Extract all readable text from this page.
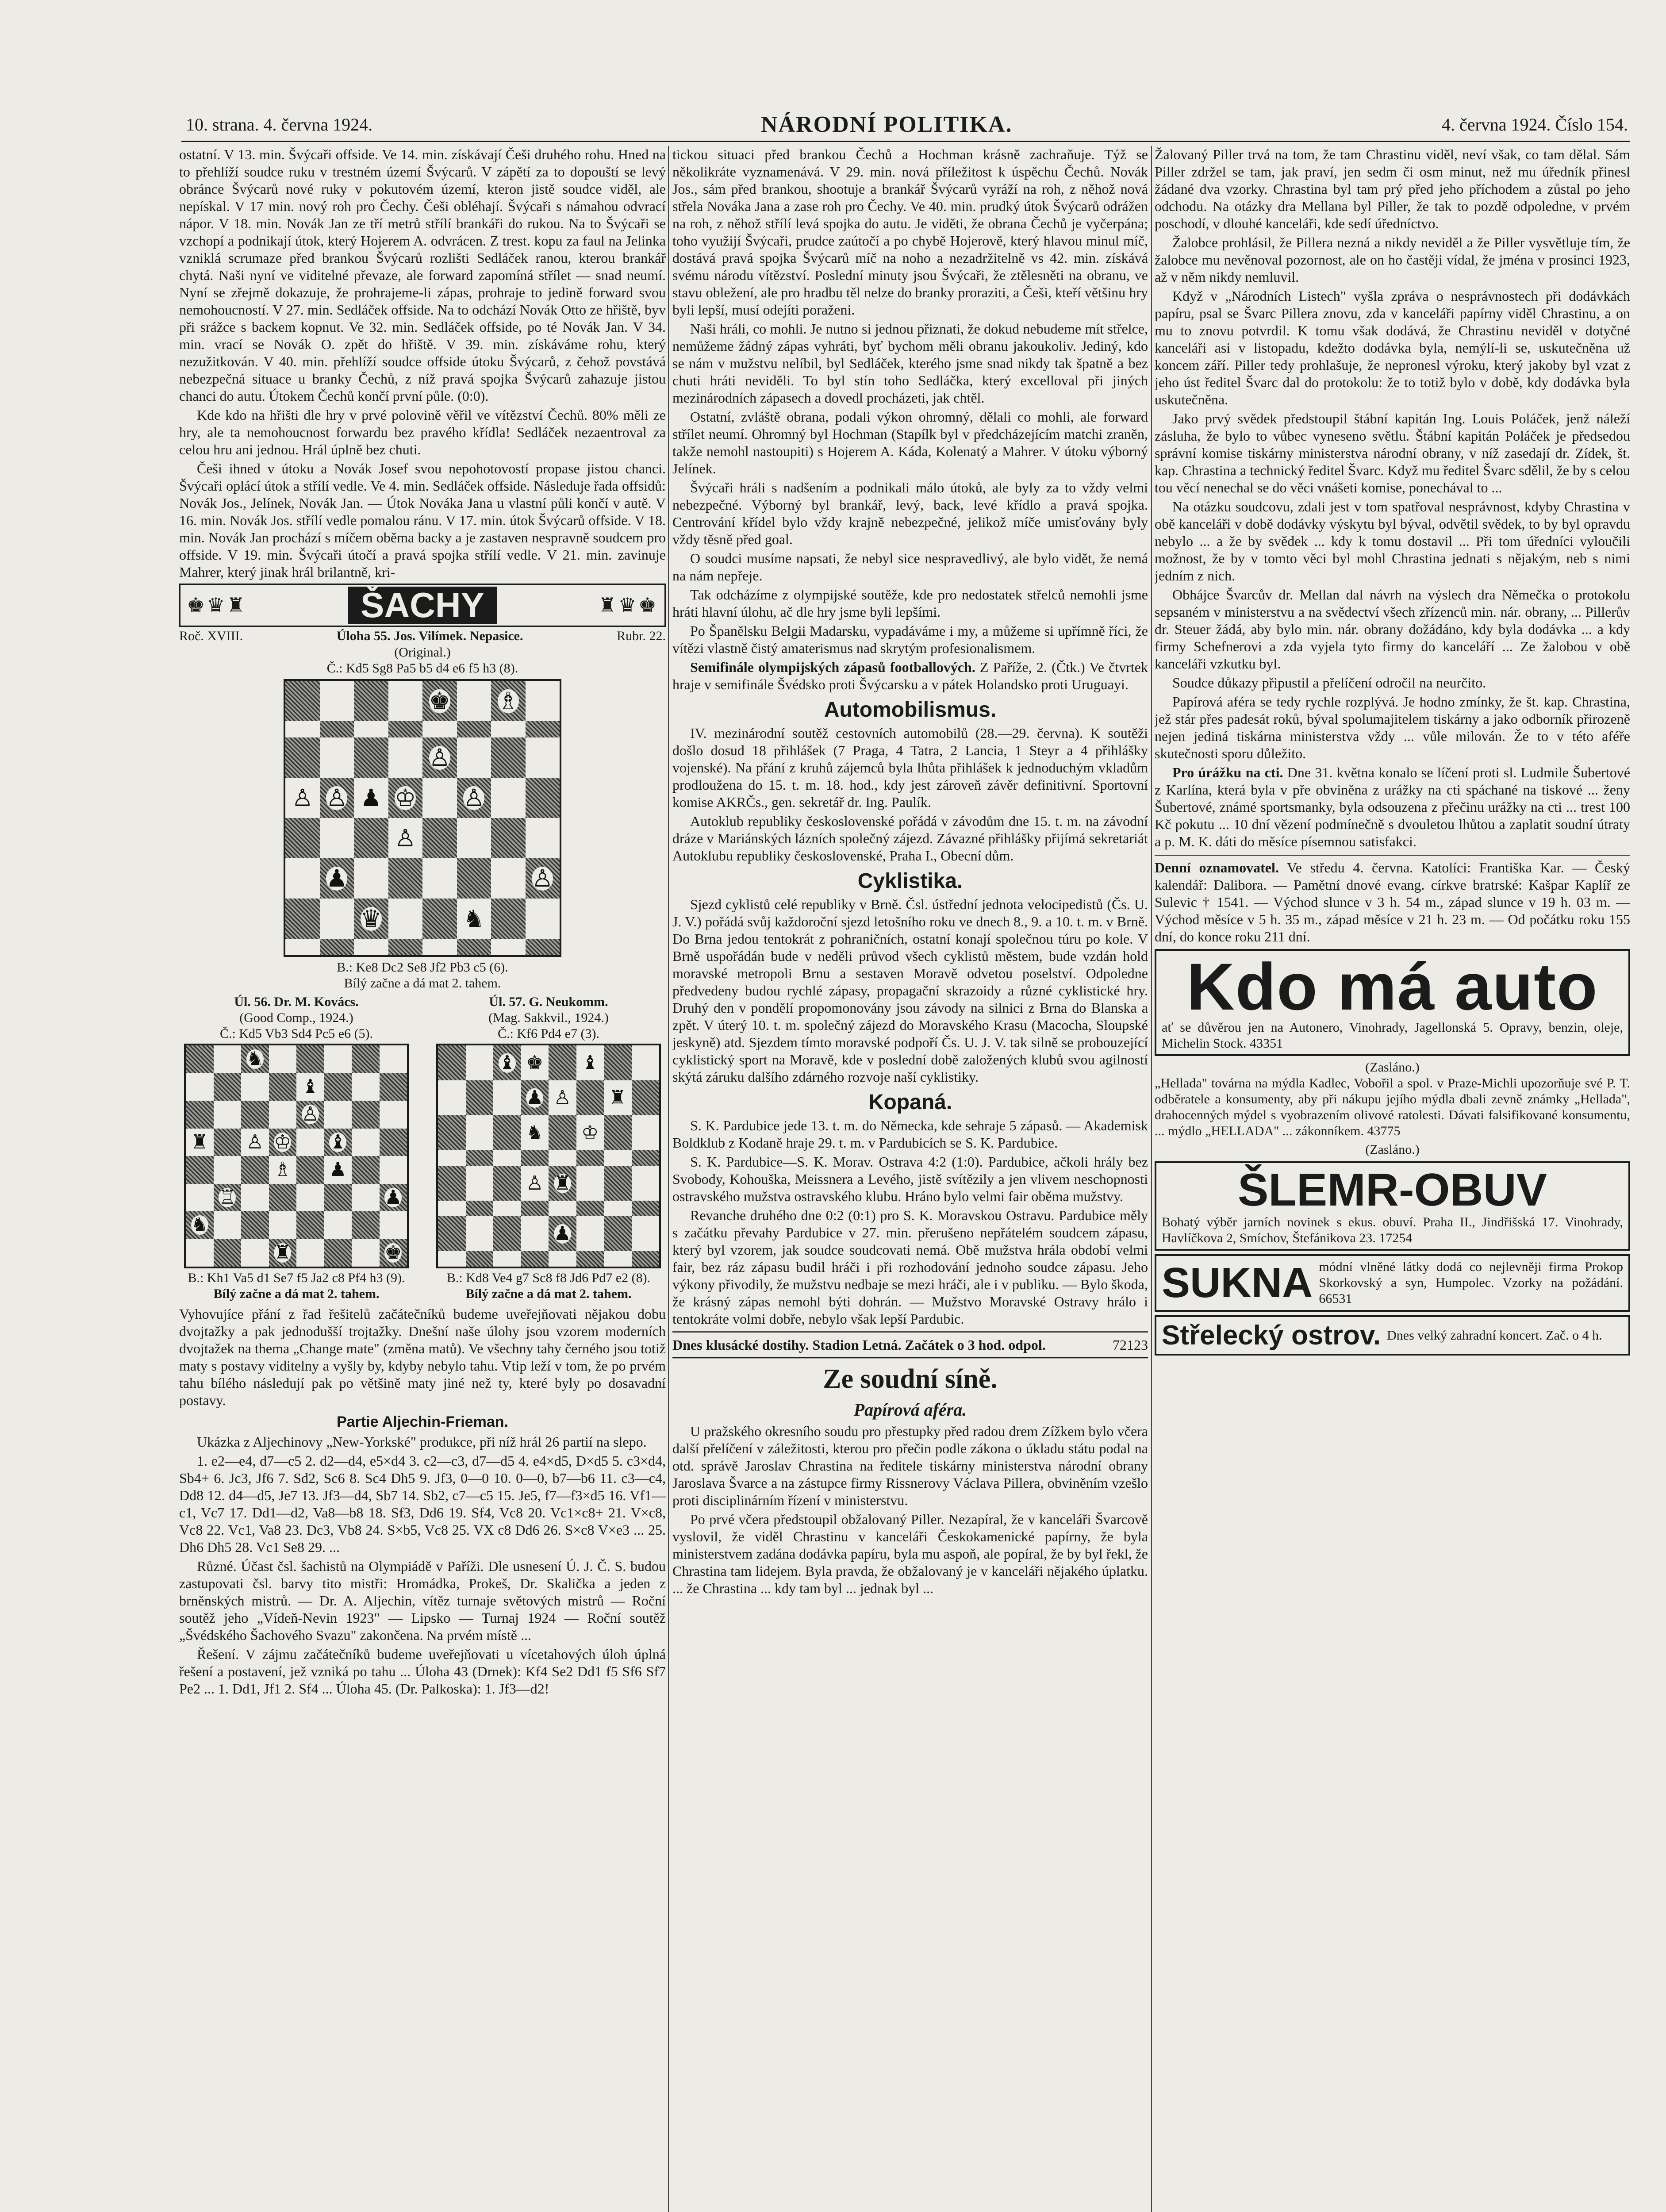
10. strana. 4. června 1924.	NÁRODNÍ POLITIKA.	4. června 1924. Číslo 154.

ostatní. V 13. min. Švýcaři offside. Ve 14. min. získávají Češi druhého rohu. Hned na to přehlíží soudce ruku v trestném území Švýcarů. V zápětí za to dopouští se levý obránce Švýcarů nové ruky v pokutovém území, kteron jistě soudce viděl, ale nepískal. V 17 min. nový roh pro Čechy. Češi obléhají. Švýcaři s námahou odvrací nápor. V 18. min. Novák Jan ze tří metrů střílí brankáři do rukou. Na to Švýcaři se vzchopí a podnikají útok, který Hojerem A. odvrácen. Z trest. kopu za faul na Jelinka vzniklá scrumaze před brankou Švýcarů rozlišti Sedláček ranou, kterou brankář chytá. Naši nyní ve viditelné převaze, ale forward zapomíná střílet — snad neumí. Nyní se zřejmě dokazuje, že prohrajeme-li zápas, prohraje to jedině forward svou nemohoucností. V 27. min. Sedláček offside. Na to odchází Novák Otto ze hřiště, byv při srážce s backem kopnut. Ve 32. min. Sedláček offside, po té Novák Jan. V 34. min. vrací se Novák O. zpět do hřiště. V 39. min. získáváme rohu, který nezužitkován. V 40. min. přehlíží soudce offside útoku Švýcarů, z čehož povstává nebezpečná situace u branky Čechů, z níž pravá spojka Švýcarů zahazuje jistou chanci do autu. Útokem Čechů končí první půle. (0:0).

Kde kdo na hřišti dle hry v prvé polovině věřil ve vítězství Čechů. 80% měli ze hry, ale ta nemohoucnost forwardu bez pravého křídla! Sedláček nezaentroval za celou hru ani jednou. Hrál úplně bez chuti.

Češi ihned v útoku a Novák Josef svou nepohotovostí propase jistou chanci. Švýcaři oplácí útok a střílí vedle. Ve 4. min. Sedláček offside. Následuje řada offsidů: Novák Jos., Jelínek, Novák Jan. — Útok Nováka Jana u vlastní půli končí v autě. V 16. min. Novák Jos. střílí vedle pomalou ránu. V 17. min. útok Švýcarů offside. V 18. min. Novák Jan prochází s míčem oběma backy a je zastaven nespravně soudcem pro offside. V 19. min. Švýcaři útočí a pravá spojka střílí vedle. V 21. min. zavinuje Mahrer, který jinak hrál brilantně, kri-

♚♛♜	ŠACHY	♜♛♚
Roč. XVIII.	Úloha 55. Jos. Vilímek. Nepasice.	Rubr. 22.

(Original.)

Č.: Kd5 Sg8 Pa5 b5 d4 e6 f5 h3 (8).

♚ ♗
♙
♙ ♙ ♟ ♔ ♙
♙
♟	♙
♛	♞

B.: Ke8 Dc2 Se8 Jf2 Pb3 c5 (6).

Bílý začne a dá mat 2. tahem.

Úl. 56. Dr. M. Kovács.

(Good Comp., 1924.)

Č.: Kd5 Vb3 Sd4 Pc5 e6 (5).

♞
♝
♙
♜ ♙ ♔ ♝
♗ ♟
♖	♟
♞
♜	♚

B.: Kh1 Va5 d1 Se7 f5 Ja2 c8 Pf4 h3 (9).

Bílý začne a dá mat 2. tahem.

Úl. 57. G. Neukomm.

(Mag. Sakkvil., 1924.)

Č.: Kf6 Pd4 e7 (3).

♝ ♚ ♝
♟ ♙ ♜
♞ ♔
♙ ♜
♟

B.: Kd8 Ve4 g7 Sc8 f8 Jd6 Pd7 e2 (8).

Bílý začne a dá mat 2. tahem.

Vyhovujíce přání z řad řešitelů začátečníků budeme uveřejňovati nějakou dobu dvojtažky a pak jednodušší trojtažky. Dnešní naše úlohy jsou vzorem moderních dvojtažek na thema „Change mate" (změna matů). Ve všechny tahy černého jsou totiž maty s postavy viditelny a vyšly by, kdyby nebylo tahu. Vtip leží v tom, že po prvém tahu bílého následují pak po většině maty jiné než ty, které byly po dosavadní postavy.

Partie Aljechin-Frieman.

Ukázka z Aljechinovy „New-Yorkské" produkce, při níž hrál 26 partií na slepo.

1. e2—e4, d7—c5 2. d2—d4, e5×d4 3. c2—c3, d7—d5 4. e4×d5, D×d5 5. c3×d4, Sb4+ 6. Jc3, Jf6 7. Sd2, Sc6 8. Sc4 Dh5 9. Jf3, 0—0 10. 0—0, b7—b6 11. c3—c4, Dd8 12. d4—d5, Je7 13. Jf3—d4, Sb7 14. Sb2, c7—c5 15. Je5, f7—f3×d5 16. Vf1—c1, Vc7 17. Dd1—d2, Va8—b8 18. Sf3, Dd6 19. Sf4, Vc8 20. Vc1×c8+ 21. V×c8, Vc8 22. Vc1, Va8 23. Dc3, Vb8 24. S×b5, Vc8 25. VX c8 Dd6 26. S×c8 V×e3 ... 25. Dh6 Dh5 28. Vc1 Se8 29. ...

Různé. Účast čsl. šachistů na Olympiádě v Paříži. Dle usnesení Ú. J. Č. S. budou zastupovati čsl. barvy tito mistři: Hromádka, Prokeš, Dr. Skalička a jeden z brněnských mistrů. — Dr. A. Aljechin, vítěz turnaje světových mistrů — Roční soutěž jeho „Vídeň-Nevin 1923" — Lipsko — Turnaj 1924 — Roční soutěž „Švédského Šachového Svazu" zakončena. Na prvém místě ...

Řešení. V zájmu začátečníků budeme uveřejňovati u vícetahových úloh úplná řešení a postavení, jež vzniká po tahu ... Úloha 43 (Drnek): Kf4 Se2 Dd1 f5 Sf6 Sf7 Pe2 ... 1. Dd1, Jf1 2. Sf4 ... Úloha 45. (Dr. Palkoska): 1. Jf3—d2!

tickou situaci před brankou Čechů a Hochman krásně zachraňuje. Týž se několikráte vyznamenává. V 29. min. nová příležitost k úspěchu Čechů. Novák Jos., sám před brankou, shootuje a brankář Švýcarů vyráží na roh, z něhož nová střela Nováka Jana a zase roh pro Čechy. Ve 40. min. prudký útok Švýcarů odrážen na roh, z něhož střílí levá spojka do autu. Je viděti, že obrana Čechů je vyčerpána; toho využijí Švýcaři, prudce zaútočí a po chybě Hojerově, který hlavou minul míč, dostává pravá spojka Švýcarů míč na noho a nezadržitelně vs 42. min. získává svému národu vítězství. Poslední minuty jsou Švýcaři, že ztělesněti na obranu, ve stavu obležení, ale pro hradbu těl nelze do branky proraziti, a Češi, kteří většinu hry byli lepší, musí odejíti poraženi.

Naši hráli, co mohli. Je nutno si jednou přiznati, že dokud nebudeme mít střelce, nemůžeme žádný zápas vyhráti, byť bychom měli obranu jakoukoliv. Jediný, kdo se nám v mužstvu nelíbil, byl Sedláček, kterého jsme snad nikdy tak špatně a bez chuti hráti neviděli. To byl stín toho Sedláčka, který excelloval při jiných mezinárodních zápasech a dovedl procházeti, jak chtěl.

Ostatní, zvláště obrana, podali výkon ohromný, dělali co mohli, ale forward střílet neumí. Ohromný byl Hochman (Stapílk byl v předcházejícím matchi zraněn, takže nemohl nastoupiti) s Hojerem A. Káda, Kolenatý a Mahrer. V útoku výborný Jelínek.

Švýcaři hráli s nadšením a podnikali málo útoků, ale byly za to vždy velmi nebezpečné. Výborný byl brankář, levý, back, levé křídlo a pravá spojka. Centrování křídel bylo vždy krajně nebezpečné, jelikož míče umisťovány byly vždy těsně před goal.

O soudci musíme napsati, že nebyl sice nespravedlivý, ale bylo vidět, že nemá na nám nepřeje.

Tak odcházíme z olympijské soutěže, kde pro nedostatek střelců nemohli jsme hráti hlavní úlohu, ač dle hry jsme byli lepšími.

Po Španělsku Belgii Madarsku, vypadáváme i my, a můžeme si upřímně říci, že vítězi vlastně čistý amaterismus nad skrytým profesionalismem.

Semifinále olympijských zápasů footballových. Z Paříže, 2. (Čtk.) Ve čtvrtek hraje v semifinále Švédsko proti Švýcarsku a v pátek Holandsko proti Uruguayi.

Automobilismus.

IV. mezinárodní soutěž cestovních automobilů (28.—29. června). K soutěži došlo dosud 18 přihlášek (7 Praga, 4 Tatra, 2 Lancia, 1 Steyr a 4 přihlášky vojenské). Na přání z kruhů zájemců byla lhůta přihlášek k jednoduchým vkladům prodloužena do 15. t. m. 18. hod., kdy jest zároveň závěr definitivní. Sportovní komise AKRČs., gen. sekretář dr. Ing. Paulík.

Autoklub republiky československé pořádá v závodům dne 15. t. m. na závodní dráze v Mariánských lázních společný zájezd. Závazné přihlášky přijímá sekretariát Autoklubu republiky československé, Praha I., Obecní dům.

Cyklistika.

Sjezd cyklistů celé republiky v Brně. Čsl. ústřední jednota velocipedistů (Čs. U. J. V.) pořádá svůj každoroční sjezd letošního roku ve dnech 8., 9. a 10. t. m. v Brně. Do Brna jedou tentokrát z pohraničních, ostatní konají společnou túru po kole. V Brně uspořádán bude v neděli průvod všech cyklistů městem, bude vzdán hold moravské metropoli Brnu a sestaven Moravě odvetou poselství. Odpoledne předvedeny budou rychlé zápasy, propagační skrazoidy a různé cyklistické hry. Druhý den v pondělí propomonovány jsou závody na silnici z Brna do Blanska a zpět. V úterý 10. t. m. společný zájezd do Moravského Krasu (Macocha, Sloupské jeskyně) atd. Sjezdem tímto moravské podpoří Čs. U. J. V. tak silně se probouzející cyklistický sport na Moravě, kde v poslední době založených klubů svou agilností skýtá záruku dalšího zdárného rozvoje naší cyklistiky.

Kopaná.

S. K. Pardubice jede 13. t. m. do Německa, kde sehraje 5 zápasů. — Akademisk Boldklub z Kodaně hraje 29. t. m. v Pardubicích se S. K. Pardubice.

S. K. Pardubice—S. K. Morav. Ostrava 4:2 (1:0). Pardubice, ačkoli hrály bez Svobody, Kohouška, Meissnera a Levého, jistě svítězily a jen vlivem neschopnosti ostravského mužstva ostravského klubu. Hráno bylo velmi fair oběma mužstvy.

Revanche druhého dne 0:2 (0:1) pro S. K. Moravskou Ostravu. Pardubice měly s začátku převahy Pardubice v 27. min. přerušeno nepřátelém soudcem zápasu, který byl vzorem, jak soudce soudcovati nemá. Obě mužstva hrála období velmi fair, bez ráz zápasu budil hráči i při rozhodování jednoho soudce zápasu. Jeho výkony přivodily, že mužstvu nedbaje se mezi hráči, ale i v publiku. — Bylo škoda, že krásný zápas nemohl býti dohrán. — Mužstvo Moravské Ostravy hrálo i tentokráte volmi dobře, nebylo však lepší Pardubic.

Dnes klusácké dostihy. Stadion Letná. Začátek o 3 hod. odpol.	72123

Ze soudní síně.
Papírová aféra.

U pražského okresního soudu pro přestupky před radou drem Zížkem bylo včera další přelíčení v záležitosti, kterou pro přečin podle zákona o úkladu státu podal na otd. správě Jaroslav Chrastina na ředitele tiskárny ministerstva národní obrany Jaroslava Švarce a na zástupce firmy Rissnerovy Václava Pillera, obviněním vzešlo proti disciplinárním řízení v ministerstvu.

Po prvé včera předstoupil obžalovaný Piller. Nezapíral, že v kanceláři Švarcově vyslovil, že viděl Chrastinu v kanceláři Českokamenické papírny, že byla ministerstvem zadána dodávka papíru, byla mu aspoň, ale popíral, že by byl řekl, že Chrastina tam lidejem. Byla pravda, že obžalovaný je v kanceláři nějakého úplatku. ... že Chrastina ... kdy tam byl ... jednak byl ...

Žalovaný Piller trvá na tom, že tam Chrastinu viděl, neví však, co tam dělal. Sám Piller zdržel se tam, jak praví, jen sedm či osm minut, než mu úředník přinesl žádané dva vzorky. Chrastina byl tam prý před jeho příchodem a zůstal po jeho odchodu. Na otázky dra Mellana byl Piller, že tak to pozdě odpoledne, v prvém poschodí, v dlouhé kanceláři, kde sedí úředníctvo.

Žalobce prohlásil, že Pillera nezná a nikdy neviděl a že Piller vysvětluje tím, že žalobce mu nevěnoval pozornost, ale on ho častěji vídal, že jména v prosinci 1923, až v něm nikdy nemluvil.

Když v „Národních Listech" vyšla zpráva o nesprávnostech při dodávkách papíru, psal se Švarc Pillera znovu, zda v kanceláři papírny viděl Chrastinu, a on mu to znovu potvrdil. K tomu však dodává, že Chrastinu neviděl v dotyčné kanceláři asi v listopadu, kdežto dodávka byla, nemýlí-li se, uskutečněna už koncem září. Piller tedy prohlašuje, že nepronesl výroku, který jakoby byl vzat z jeho úst ředitel Švarc dal do protokolu: že to totiž bylo v době, kdy dodávka byla uskutečněna.

Jako prvý svědek předstoupil štábní kapitán Ing. Louis Poláček, jenž náleží zásluha, že bylo to vůbec vyneseno světlu. Štábní kapitán Poláček je předsedou správní komise tiskárny ministerstva národní obrany, v níž zasedají dr. Zídek, št. kap. Chrastina a technický ředitel Švarc. Když mu ředitel Švarc sdělil, že by s celou tou věcí nenechal se do věci vnášeti komise, ponechával to ...

Na otázku soudcovu, zdali jest v tom spatřoval nesprávnost, kdyby Chrastina v obě kanceláři v době dodávky výskytu byl býval, odvětil svědek, to by byl opravdu nebylo ... a že by svědek ... kdy k tomu dostavil ... Při tom úředníci vyloučili možnost, že by v tomto věci byl mohl Chrastina jednati s nějakým, neb s nimi jedním z nich.

Obhájce Švarcův dr. Mellan dal návrh na výslech dra Němečka o protokolu sepsaném v ministerstvu a na svědectví všech zřízenců min. nár. obrany, ... Pillerův dr. Steuer žádá, aby bylo min. nár. obrany dožádáno, kdy byla dodávka ... a kdy firmy Schefnerovi a zda vyjela tyto firmy do kanceláří ... Ze žalobou v obě kanceláři vzkutku byl.

Soudce důkazy připustil a přelíčení odročil na neurčito.

Papírová aféra se tedy rychle rozplývá. Je hodno zmínky, že št. kap. Chrastina, jež stár přes padesát roků, býval spolumajitelem tiskárny a jako odborník přirozeně nejen jediná tiskárna ministerstva vždy ... vůle milován. Že to v této aféře skutečnosti sporu důležito.

Pro úrážku na cti. Dne 31. května konalo se líčení proti sl. Ludmile Šubertové z Karlína, která byla v pře obviněna z urážky na cti spáchané na tiskové ... ženy Šubertové, známé sportsmanky, byla odsouzena z přečinu urážky na cti ... trest 100 Kč pokutu ... 10 dní vězení podmínečně s dvouletou lhůtou a zaplatit soudní útraty a p. M. K. dáti do měsíce písemnou satisfakci.

Denní oznamovatel. Ve středu 4. června. Katolíci: Františka Kar. — Český kalendář: Dalibora. — Pamětní dnové evang. církve bratrské: Kašpar Kaplíř ze Sulevic † 1541. — Východ slunce v 3 h. 54 m., západ slunce v 19 h. 03 m. — Východ měsíce v 5 h. 35 m., západ měsíce v 21 h. 23 m. — Od počátku roku 155 dní, do konce roku 211 dní.

Kdo má auto

ať se důvěrou jen na Autonero, Vinohrady, Jagellonská 5. Opravy, benzin, oleje, Michelin Stock. 43351

(Zasláno.)

„Hellada" továrna na mýdla Kadlec, Vobořil a spol. v Praze-Michli upozorňuje své P. T. odběratele a konsumenty, aby při nákupu jejího mýdla dbali zevně známky „Hellada", drahocenných mýdel s vyobrazením olivové ratolesti. Dávati falsifikované konsumentu, ... mýdlo „HELLADA" ... zákonníkem. 43775

(Zasláno.)

ŠLEMR-OBUV

Bohatý výběr jarních novinek s ekus. obuví. Praha II., Jindřišská 17. Vinohrady, Havlíčkova 2, Smíchov, Štefánikova 23. 17254

SUKNA módní vlněné látky dodá co nejlevněji firma Prokop Skorkovský a syn, Humpolec. Vzorky na požádání. 66531

Střelecký ostrov. Dnes velký zahradní koncert. Zač. o 4 h.
